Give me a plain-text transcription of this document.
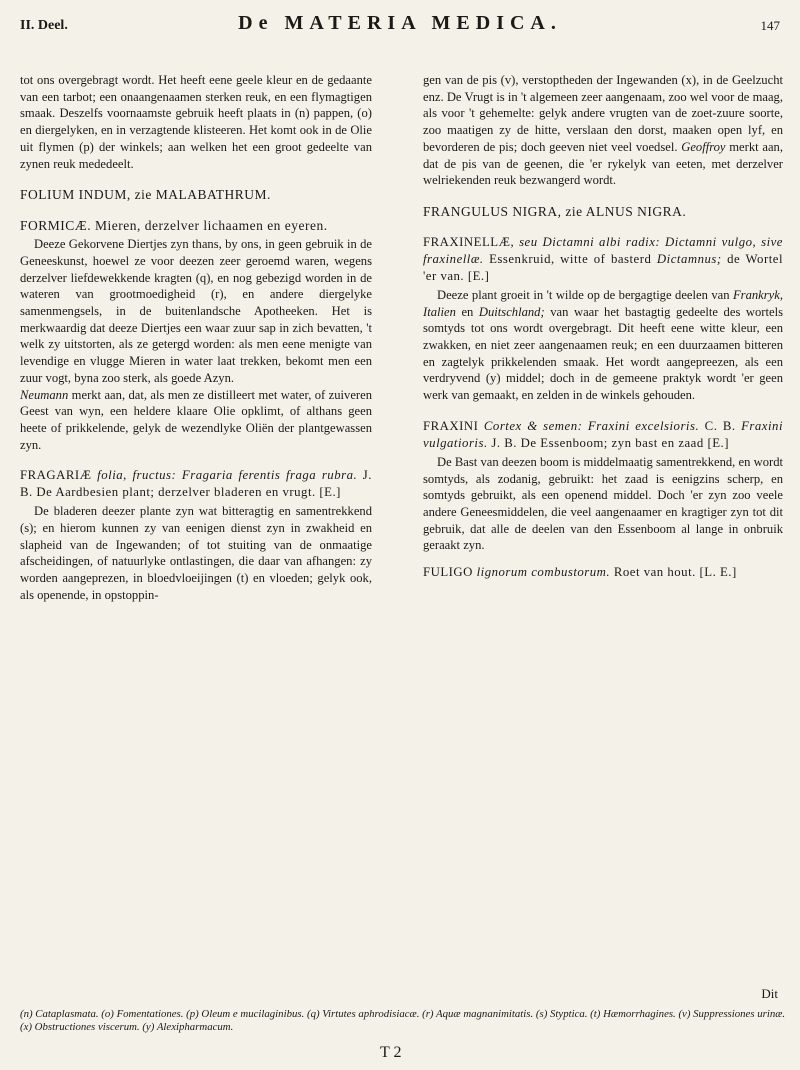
II. Deel.	De MATERIA MEDICA.	147

tot ons overgebragt wordt. Het heeft eene geele kleur en de gedaante van een tarbot; een onaangenaamen sterken reuk, en een flymagtigen smaak. Deszelfs voornaamste gebruik heeft plaats in (n) pappen, (o) en diergelyken, en in verzagtende klisteeren. Het komt ook in de Olie uit flymen (p) der winkels; aan welken het een groot gedeelte van zynen reuk mededeelt.

FOLIUM INDUM, zie MALABATHRUM.
FORMICÆ. Mieren, derzelver lichaamen en eyeren.

Deeze Gekorvene Diertjes zyn thans, by ons, in geen gebruik in de Geneeskunst, hoewel ze voor deezen zeer geroemd waren, wegens derzelver liefdewekkende kragten (q), en nog gebezigd worden in de wateren van grootmoedigheid (r), en andere diergelyke samenmengsels, in de buitenlandsche Apotheeken. Het is merkwaardig dat deeze Diertjes een waar zuur sap in zich bevatten, 't welk zy uitstorten, als ze getergd worden: als men eene menigte van levendige en vlugge Mieren in water laat trekken, bekomt men een zuur vogt, byna zoo sterk, als goede Azyn.

Neumann merkt aan, dat, als men ze distilleert met water, of zuiveren Geest van wyn, een heldere klaare Olie opklimt, of althans geen heete of prikkelende, gelyk de wezendlyke Oliën der plantgewassen zyn.

FRAGARIÆ folia, fructus: Fragaria ferentis fraga rubra. J. B. De Aardbesien plant; derzelver bladeren en vrugt. [E.]

De bladeren deezer plante zyn wat bitteragtig en samentrekkend (s); en hierom kunnen zy van eenigen dienst zyn in zwakheid en slapheid van de Ingewanden; of tot stuiting van de onmaatige afscheidingen, of natuurlyke ontlastingen, die daar van afhangen: zy worden aangeprezen, in bloedvloeijingen (t) en vloeden; gelyk ook, als openende, in opstoppin-

gen van de pis (v), verstoptheden der Ingewanden (x), in de Geelzucht enz. De Vrugt is in 't algemeen zeer aangenaam, zoo wel voor de maag, als voor 't gehemelte: gelyk andere vrugten van de zoet-zuure soorte, zoo maatigen zy de hitte, verslaan den dorst, maaken open lyf, en bevorderen de pis; doch geeven niet veel voedsel. Geoffroy merkt aan, dat de pis van de geenen, die 'er rykelyk van eeten, met derzelver welriekenden reuk bezwangerd wordt.

FRANGULUS NIGRA, zie ALNUS NIGRA.
FRAXINELLÆ, seu Dictamni albi radix: Dictamni vulgo, sive fraxinellæ. Essenkruid, witte of basterd Dictamnus; de Wortel 'er van. [E.]

Deeze plant groeit in 't wilde op de bergagtige deelen van Frankryk, Italien en Duitschland; van waar het bastagtig gedeelte des wortels somtyds tot ons wordt overgebragt. Dit heeft eene witte kleur, een zwakken, en niet zeer aangenaamen reuk; en een duurzaamen bitteren en zagtelyk prikkelenden smaak. Het wordt aangepreezen, als een verdryvend (y) middel; doch in de gemeene praktyk wordt 'er geen werk van gemaakt, en zelden in de winkels gehouden.

FRAXINI Cortex & semen: Fraxini excelsioris. C. B. Fraxini vulgatioris. J. B. De Essenboom; zyn bast en zaad [E.]

De Bast van deezen boom is middelmaatig samentrekkend, en wordt somtyds, als zodanig, gebruikt: het zaad is eenigzins scherp, en somtyds gebruikt, als een openend middel. Doch 'er zyn zoo veele andere Geneesmiddelen, die veel aangenaamer en kragtiger zyn tot dit gebruik, dat alle de deelen van den Essenboom al lange in onbruik geraakt zyn.

FULIGO lignorum combustorum. Roet van hout. [L. E.]
Dit
(n) Cataplasmata. (o) Fomentationes. (p) Oleum e mucilaginibus. (q) Virtutes aphrodisiacæ. (r) Aquæ magnanimitatis. (s) Styptica. (t) Hæmorrhagines. (v) Suppressiones urinæ. (x) Obstructiones viscerum. (y) Alexipharmacum.
T 2
